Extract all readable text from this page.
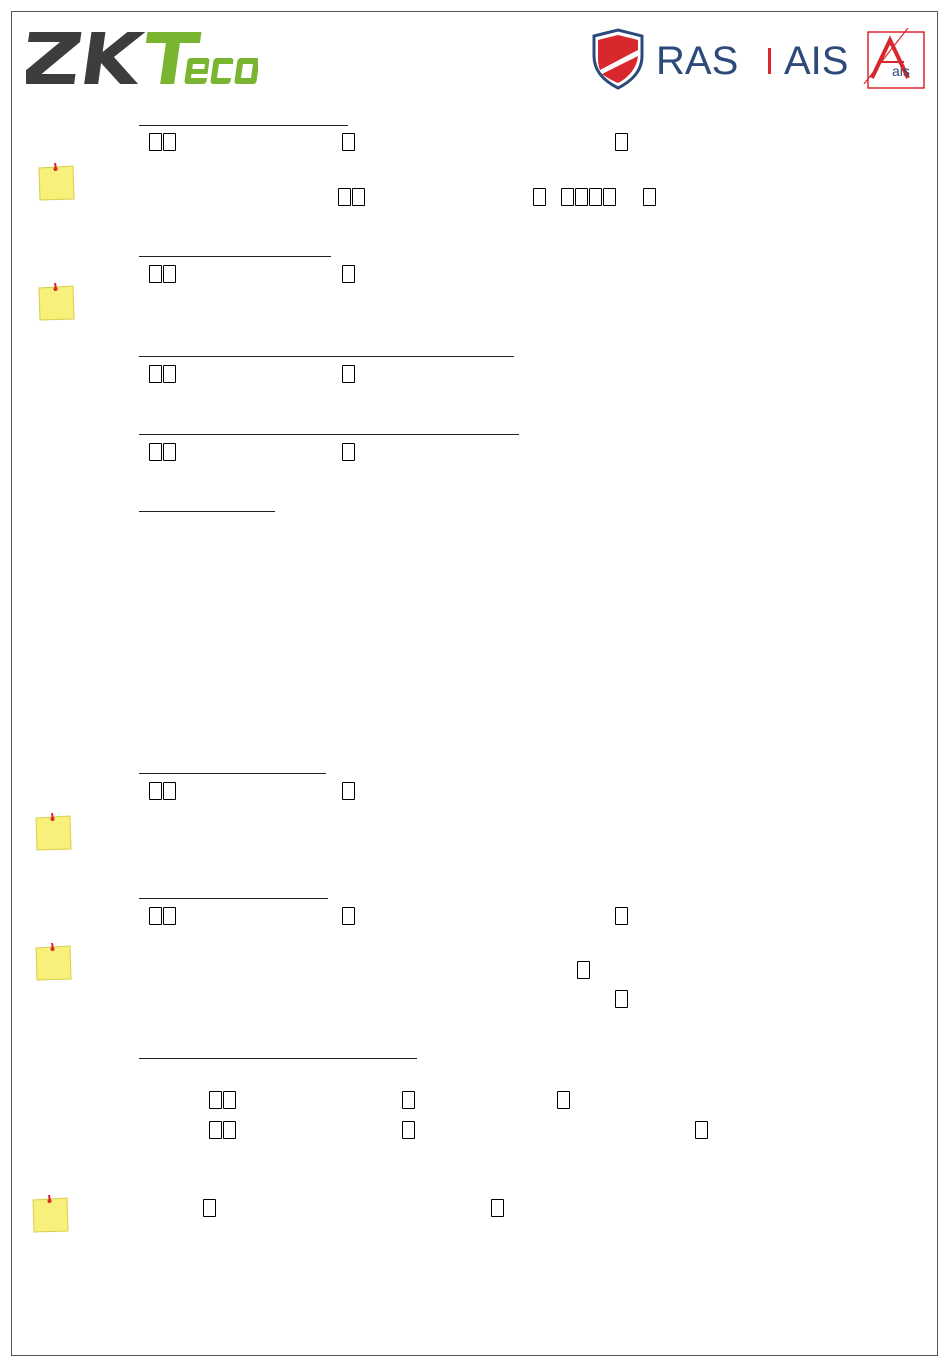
RAS AIS	ais
